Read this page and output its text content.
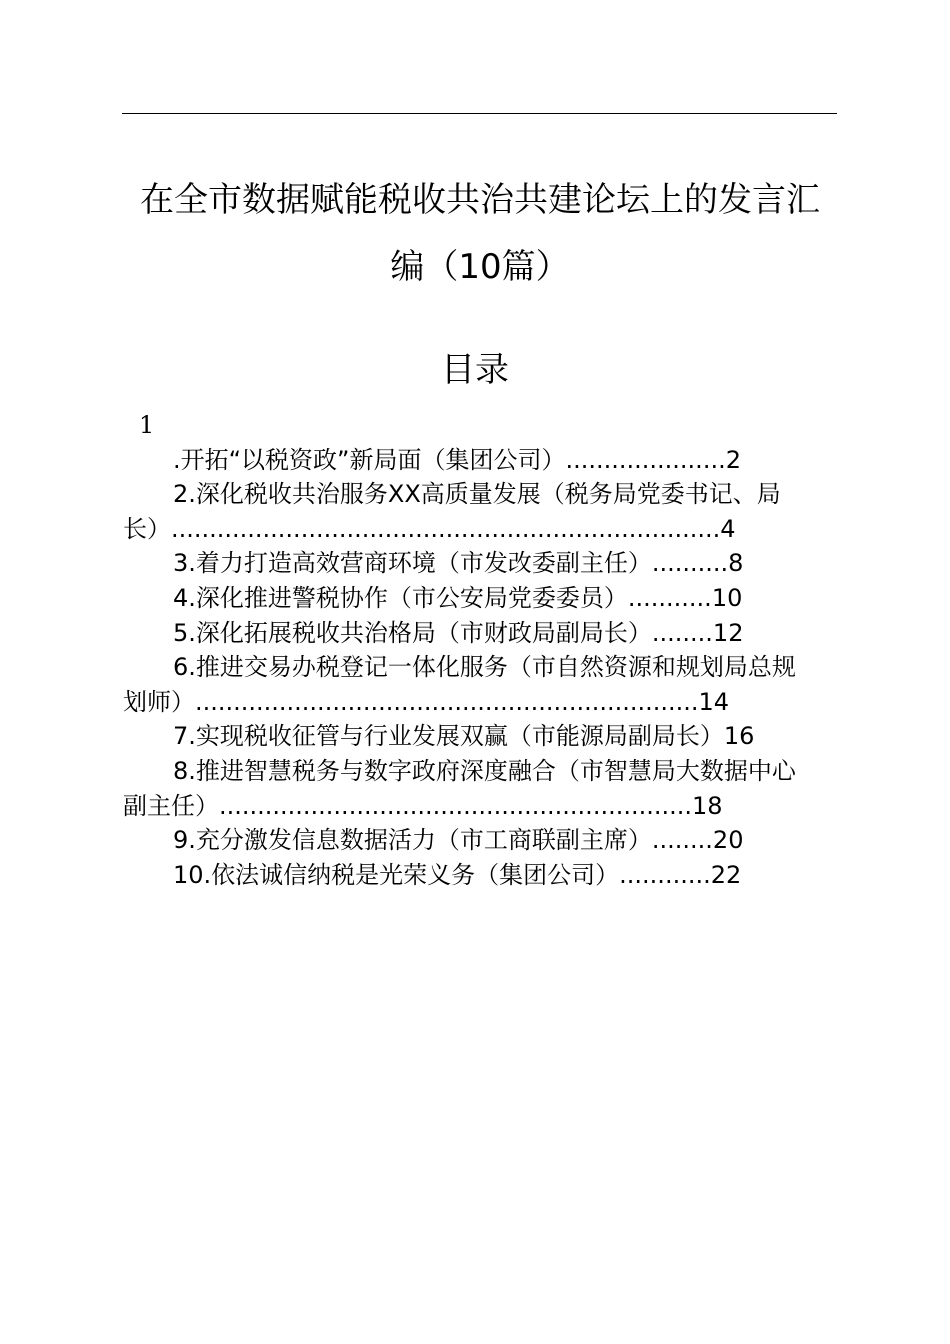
在全市数据赋能税收共治共建论坛上的发言汇
编（10篇）
目录
1
.开拓“以税资政”新局面（集团公司）.....................2
2.深化税收共治服务XX高质量发展（税务局党委书记、局
长）........................................................................4
3.着力打造高效营商环境（市发改委副主任）..........8
4.深化推进警税协作（市公安局党委委员）...........10
5.深化拓展税收共治格局（市财政局副局长）........12
6.推进交易办税登记一体化服务（市自然资源和规划局总规
划师）..................................................................14
7.实现税收征管与行业发展双赢（市能源局副局长）16
8.推进智慧税务与数字政府深度融合（市智慧局大数据中心
副主任）..............................................................18
9.充分激发信息数据活力（市工商联副主席）........20
10.依法诚信纳税是光荣义务（集团公司）............22
